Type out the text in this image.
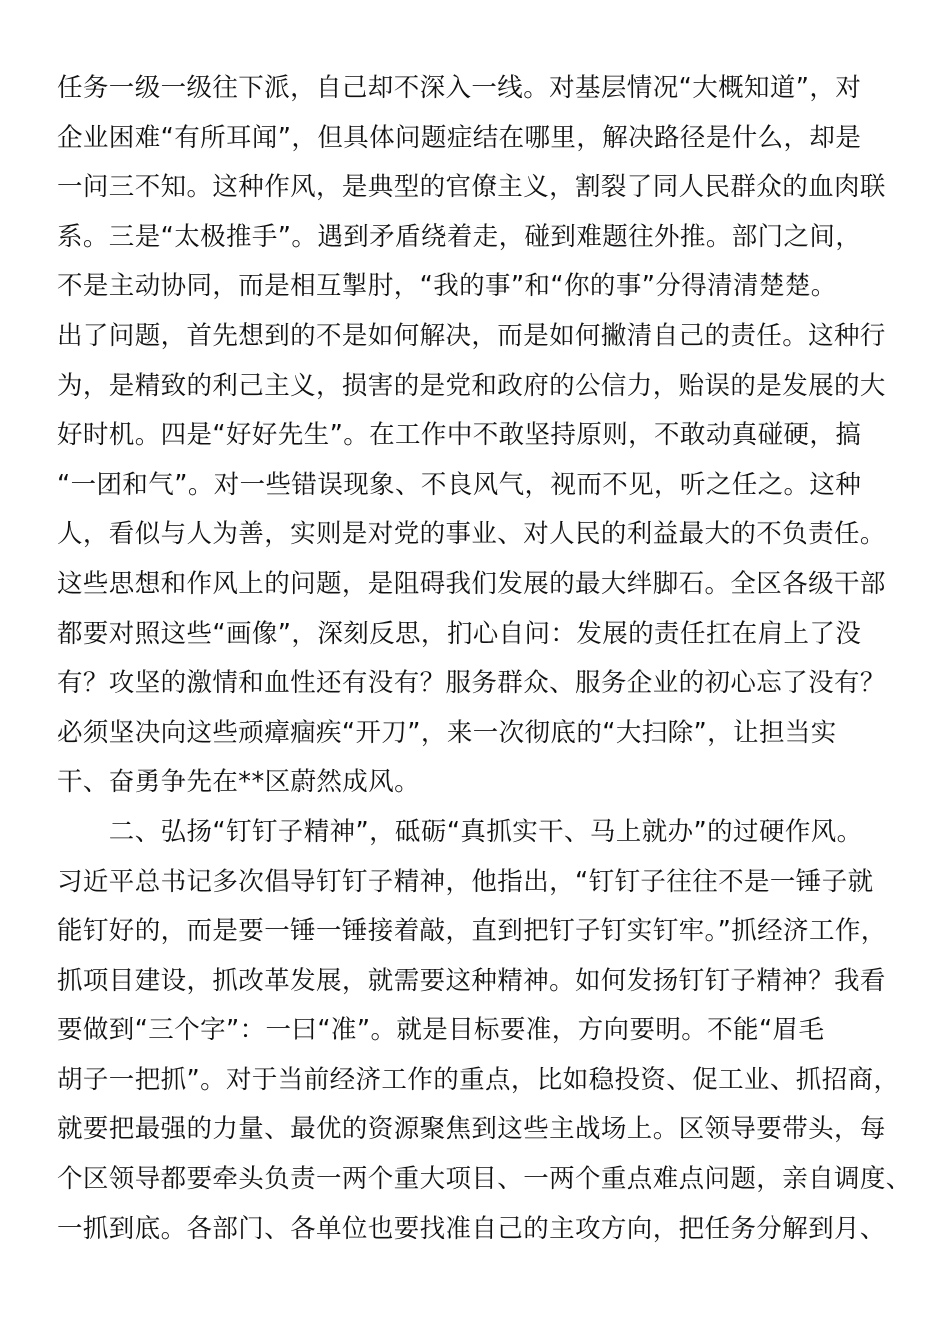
任务一级一级往下派，自己却不深入一线。对基层情况“大概知道”，对
企业困难“有所耳闻”，但具体问题症结在哪里，解决路径是什么，却是
一问三不知。这种作风，是典型的官僚主义，割裂了同人民群众的血肉联
系。三是“太极推手”。遇到矛盾绕着走，碰到难题往外推。部门之间，
不是主动协同，而是相互掣肘，“我的事”和“你的事”分得清清楚楚。
出了问题，首先想到的不是如何解决，而是如何撇清自己的责任。这种行
为，是精致的利己主义，损害的是党和政府的公信力，贻误的是发展的大
好时机。四是“好好先生”。在工作中不敢坚持原则，不敢动真碰硬，搞
“一团和气”。对一些错误现象、不良风气，视而不见，听之任之。这种
人，看似与人为善，实则是对党的事业、对人民的利益最大的不负责任。
这些思想和作风上的问题，是阻碍我们发展的最大绊脚石。全区各级干部
都要对照这些“画像”，深刻反思，扪心自问：发展的责任扛在肩上了没
有？攻坚的激情和血性还有没有？服务群众、服务企业的初心忘了没有？
必须坚决向这些顽瘴痼疾“开刀”，来一次彻底的“大扫除”，让担当实
干、奋勇争先在**区蔚然成风。
　　二、弘扬“钉钉子精神”，砥砺“真抓实干、马上就办”的过硬作风。
习近平总书记多次倡导钉钉子精神，他指出，“钉钉子往往不是一锤子就
能钉好的，而是要一锤一锤接着敲，直到把钉子钉实钉牢。”抓经济工作，
抓项目建设，抓改革发展，就需要这种精神。如何发扬钉钉子精神？我看
要做到“三个字”：一曰“准”。就是目标要准，方向要明。不能“眉毛
胡子一把抓”。对于当前经济工作的重点，比如稳投资、促工业、抓招商，
就要把最强的力量、最优的资源聚焦到这些主战场上。区领导要带头，每
个区领导都要牵头负责一两个重大项目、一两个重点难点问题，亲自调度、
一抓到底。各部门、各单位也要找准自己的主攻方向，把任务分解到月、
